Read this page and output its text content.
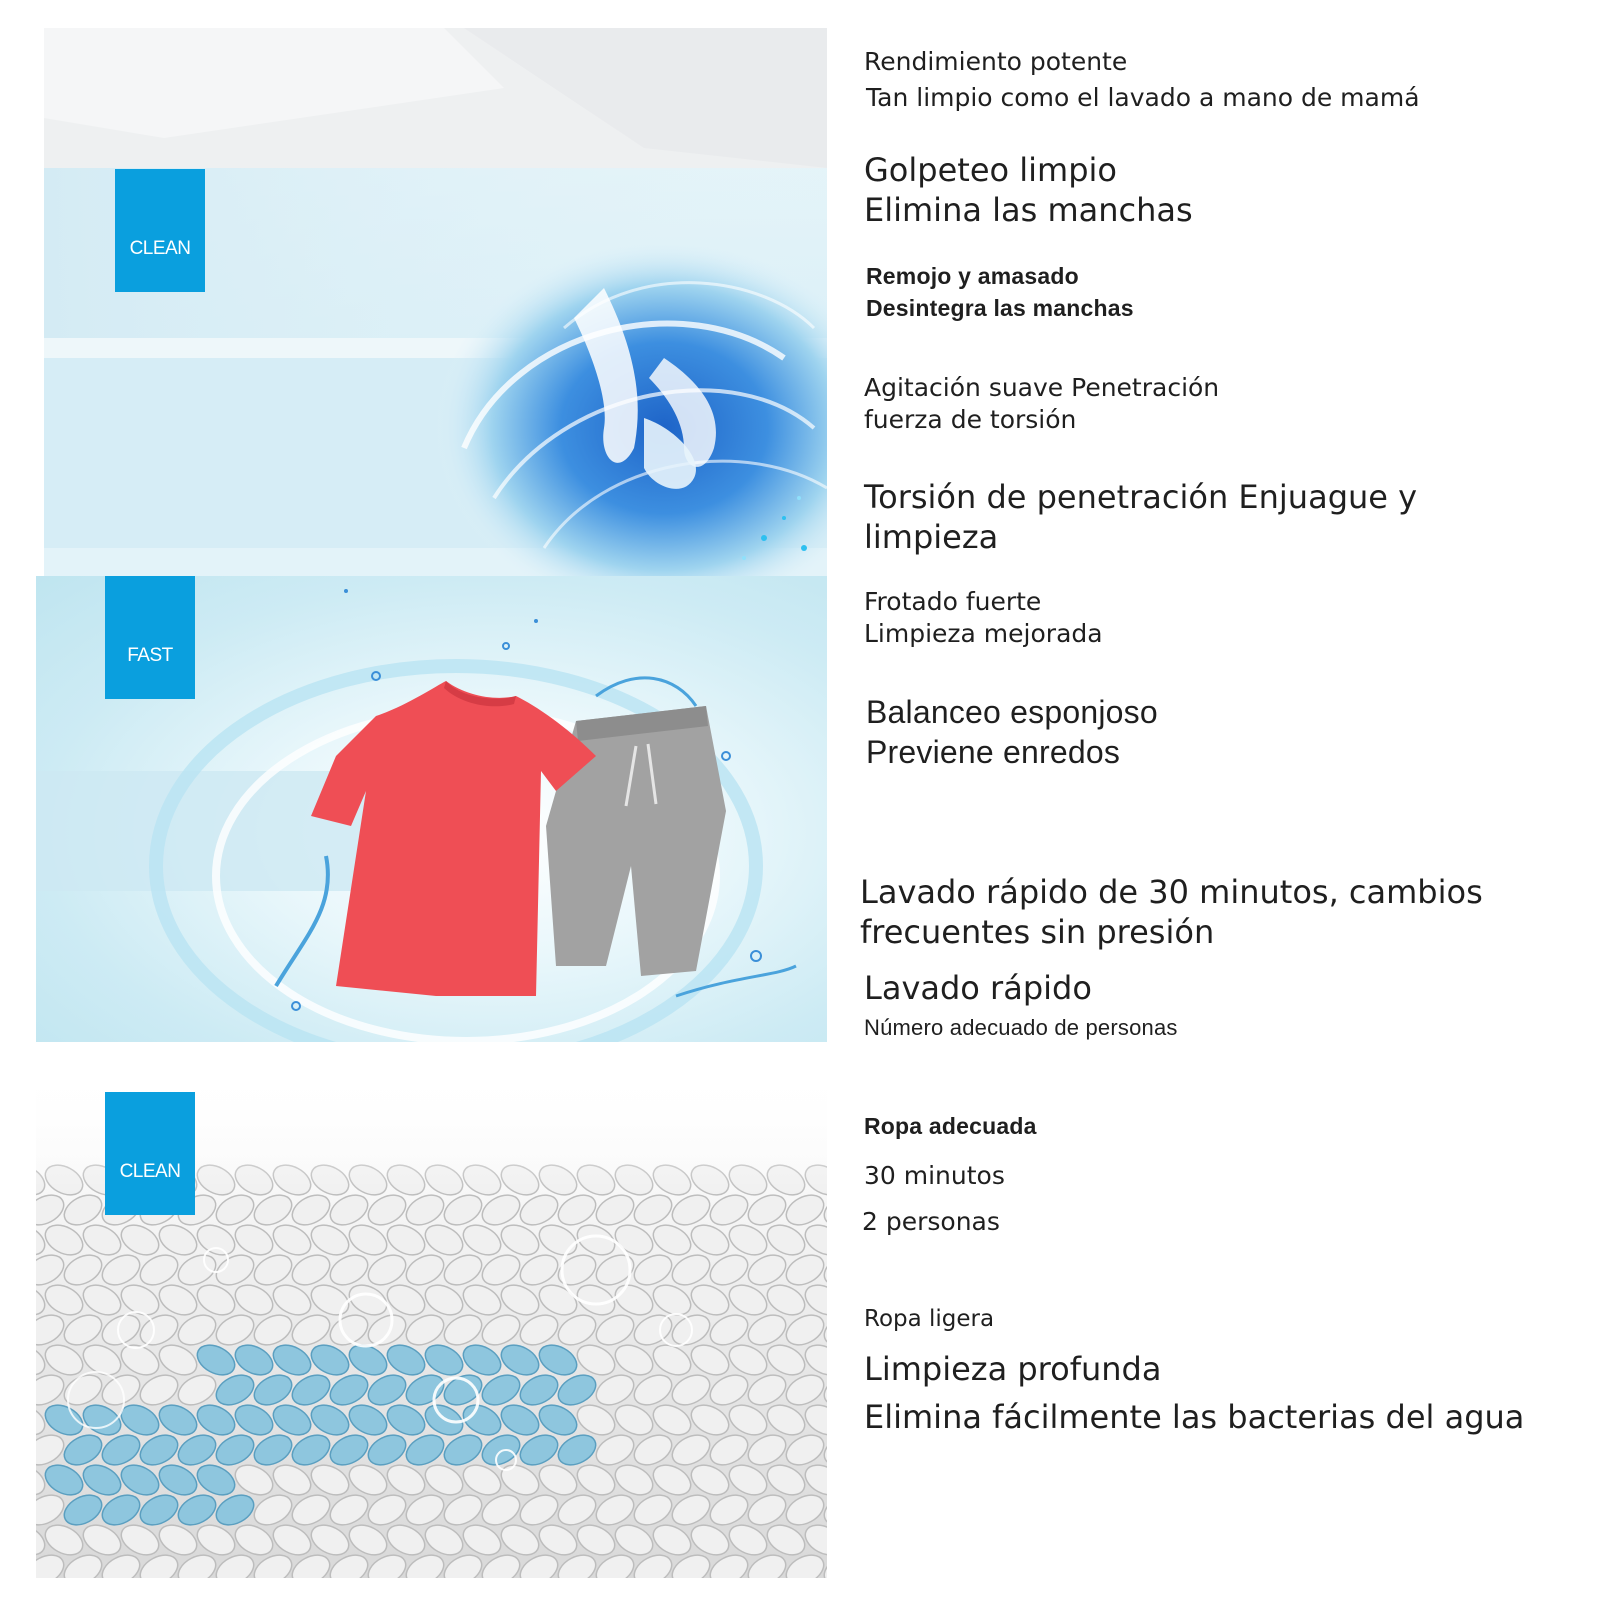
CLEAN
FAST
CLEAN
Rendimiento potente
Tan limpio como el lavado a mano de mamá
Golpeteo limpio
Elimina las manchas
Remojo y amasado
Desintegra las manchas
Agitación suave Penetración
fuerza de torsión
Torsión de penetración Enjuague y
limpieza
Frotado fuerte
Limpieza mejorada
Balanceo esponjoso
Previene enredos
Lavado rápido de 30 minutos, cambios
frecuentes sin presión
Lavado rápido
Número adecuado de personas
Ropa adecuada
30 minutos
2 personas
Ropa ligera
Limpieza profunda
Elimina fácilmente las bacterias del agua
